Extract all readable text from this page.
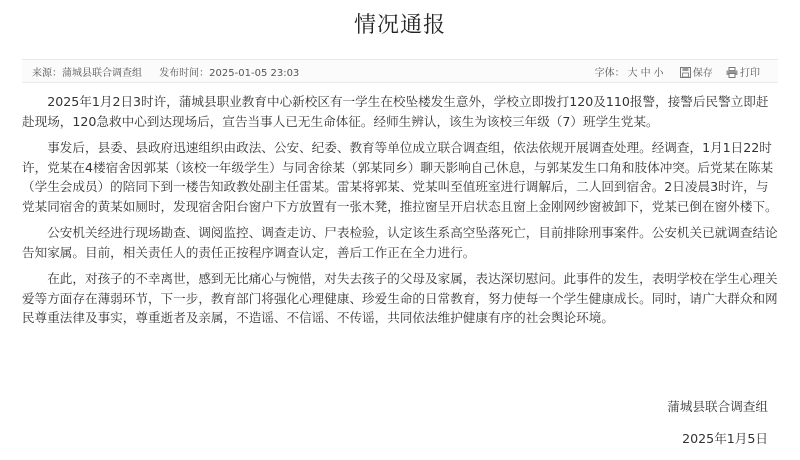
情况通报
来源：蒲城县联合调查组 发布时间：2025-01-05 23:03	字体： 大 中 小	保存	打印

2025年1月2日3时许，蒲城县职业教育中心新校区有一学生在校坠楼发生意外，学校立即拨打120及110报警，接警后民警立即赶赴现场，120急救中心到达现场后，宣告当事人已无生命体征。经师生辨认，该生为该校三年级（7）班学生党某。

事发后，县委、县政府迅速组织由政法、公安、纪委、教育等单位成立联合调查组，依法依规开展调查处理。经调查，1月1日22时许，党某在4楼宿舍因郭某（该校一年级学生）与同舍徐某（郭某同乡）聊天影响自己休息，与郭某发生口角和肢体冲突。后党某在陈某（学生会成员）的陪同下到一楼告知政教处副主任雷某。雷某将郭某、党某叫至值班室进行调解后，二人回到宿舍。2日凌晨3时许，与党某同宿舍的黄某如厕时，发现宿舍阳台窗户下方放置有一张木凳，推拉窗呈开启状态且窗上金刚网纱窗被卸下，党某已倒在窗外楼下。

公安机关经进行现场勘查、调阅监控、调查走访、尸表检验，认定该生系高空坠落死亡，目前排除刑事案件。公安机关已就调查结论告知家属。目前，相关责任人的责任正按程序调查认定，善后工作正在全力进行。

在此，对孩子的不幸离世，感到无比痛心与惋惜，对失去孩子的父母及家属，表达深切慰问。此事件的发生，表明学校在学生心理关爱等方面存在薄弱环节，下一步，教育部门将强化心理健康、珍爱生命的日常教育，努力使每一个学生健康成长。同时，请广大群众和网民尊重法律及事实，尊重逝者及亲属，不造谣、不信谣、不传谣，共同依法维护健康有序的社会舆论环境。

蒲城县联合调查组
2025年1月5日
